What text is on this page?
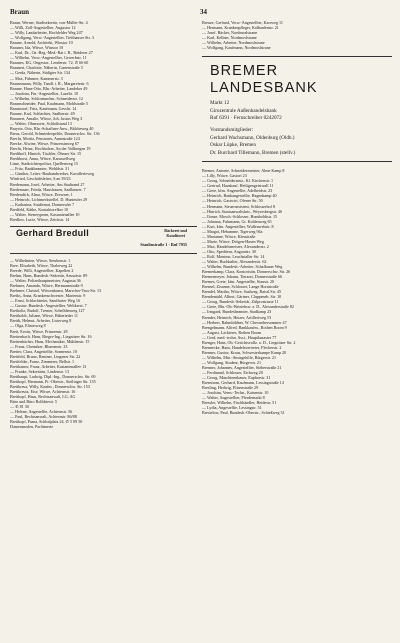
Braun	34
Braun, Werner, Stadtsekretär, von-Müller-Str. 4
— Willi, Zoll-Angestellter, Augustor 12
— Willy, Landarbeiter, Hochfelder Weg 247
— Wolfgang, Verw.-Angestellter, Tiefthauser Str. 3
Braune, Arnold, Architekt, Winstor 10
Brauner, Ida, Witwe, Winstor 10
— Karl, Dr., Oa.-Reg.-Med.-Rat i. R., Bräderer 27
— Wilhelm, Verw.-Angestellter, Gewerbstr. 11
Braunes, KG, Ongestar., Lenderstr. 72, ✆ 66 60
Braunert, Charlotte, Näherin, Gartenstraße 5
— Gerda, Näherin, Südigter Str. 134
— Max, Fährmer, Kammerstr. 3
Braunsmann, Willy, Tandl. i. R., Margaretestr. 6
Braune, Hans-Otto, Bln.-Arbeiter, Landeker 49
— Joachim, Fin.-Angestellter, Lazeltr. 10
— Wilhelm, Schlonmacher, Schneiderstr. 12
Braunschneider, Paul, Kaufmann, Mohlstraße 5
Braunstorf, Fritz, Kaufmann, Gessltr. 14
Braune, Karl, Schlachter, Saalberstr. 49
Braunert, Amalie, Witwe, Joh. Justus Weg 3
— Walter, Ohnesorer, Schloßstand 13
Brayrin, Otto, Bln.-Schaffner-Anw., Bälcheweg 40
Breas, Gerold, Schmiedeopelife, Donnerschw. Str. 136
Brecht, Moritz, Pensioner, Annastraße 124
Brecke, Alwine, Witwe, Prinzessinweg 67
Brecht, Heinz, Hochholzer, An der Voßbergen 19
Bredthoff, Hinrich, Tischler, Öhnser Str. 15
Bredthorst, Anna, Witwe, Karussellweg
Linse, Stadtrichterpolitor, Quellenweg 15
— Fritz, Bankbeamter, Wehldstr. 31
— Günther, Leiter.-Bauhandwerker, Kavallerieweg
Winfried, Geschäftsleiter, S.an 39/23
Bredemann, Josef, Arbeiter, Am Stadtrand 27
Bredenauer, Frieda, Hausfrauen, Saalbaurer. 7
Bredendick, Alma, Witwe, Drewner, 1
— Heinrich, Lichtmerkstellel. D. Hunteufer 29
— Katharina, Studienrat, Donnerufer 7
Bredfeld, Käthe, Kontaktorelker 10
— Walter, Stenerypenn, Kastanienallee 10
Bredlow, Lucie, Witwe, Zeichstr. 14
Gerhard Bredull	Bäckerei und
Konditorei
Staulinstraße 1 · Ruf 7935
— Wilhelmine, Witwe, Steubenstr. 1
Bree, Elisabeth, Witwe, Thalerweg 22
Breede, Willi, Angestellter, Kapellen 2
Brehm, Hans, Bundesb.-Sekretär, Aeusrästr. 89
— Walter, Polizeihauptmeister, Augusta 36
Brehmer, Amanda, Witwe, Hermannstraße 9
Brehmer, Christel, Witwenkunst, Marscher-Tsus-Str. 13
Breiks, Anna, Krankenschwester, Marienstr. 9
— Ernst, Schlachtreier, Sandfurter Weg 16
— Gustav, Bundesb.-Angestellter, Weltkerst. 7
Breiholtz, Rudolf, Trenter, Schelldenweg 127
Breitholdt, Juliane, Witwe, Bäberteder 11
Breidt, Helmut, Arbeiter, Listerweg 8
— Olga, Elisterweg 8
Breit, Erwin, Witwe, Prinzenstr. 28
Breitenbach, Hans, Bieger-Ing., Liegnitzer Str. 16
Breitenbächer, Hans, Mechaniker, Mühlenstr. 15
— Franz, Chemiker, Blumenstr. 23
Breiter, Clara, Angestellte, Sonnenstr. 10
Breitfeld, Bruno, Rentner, Lingener Str. 22
Breitfelder, Franz, Zimmerer, Bellstr. 1
Breithamer, Franz, Arbeiter, Kastanienallee 13
— Franke, Sekretärin, Lindenstr. 13
Breithaupt, Ludwig, Dipl.-Ing., Donnerschw. Str. 69
Breitkopf, Hermann, Pr.-Oberstr., Steilinger Str. 135
Breitkreuz, Willy, Kaufm., Donnerschw. Str. 153
Breitkreutz, Eise, Witwe, Achternstr. 16
Breitkopf, Haus, Rechtsanwalt, LG, AG
Büro und Büro Rolldriestr. 5
— ✆ 81 30
— Helene, Angestellte, Achternstr. 56
— Paul, Rechtsanwalt, Achternstr. 86/88
Breitkopf, Puma, Schlodplatz 24, ✆ 5 09 50
Damenmoden, Parfümerie
Breuze, Gerhard, Verw.-Angestellter, Karrweg 11
— Hermann, Krankenpfleger, Kalbanlenstr. 21
— Josef, Bäcker, Nordmoslstrane
— Karl, Kellner, Nordmoslstrane
— Wilhelm, Arbeiter, Nordmoslstrane
— Wolfgang, Kaufmann, Nordmoslstrane
BREMER
LANDESBANK
Markt 12
Girozentrale Außenhandelsbank
Ruf 6391 · Fernschreiber 0242072
Vorstandsmitglieder:
Gerhard Wachsmann, Oldenburg (Oldb.)
Oskar Lüpke, Bremen
Dr. Burchard Tillemann, Bremen (stellv.)
Bremer, Antonie, Schneidermeister, Alme Kamp 8
— Lilly, Witwe, Gastort 23
— Georg, Schneidermstr., Kl. Kirchenstr. 1
— Gertrud, Hauskauf, Heiligengeistwall 11
— Grete, kfm. Angestellte, Adelheidstr. 23
— Heinrich, Bankangestellte, Hagenkamp 40
— Heinrich, Gastwirt, Ofener Str. 50
— Hermann, Steuerassistent, Schlosserhof 8
— Hinrich, Staatsanwaltskrtr., Weyersbergstr. 46
— Ilonze, Mosch.-Schlosser, Humboldtstr. 15
— Johanna, Fuhrmann, Gr. Kuhlenweg 65
— Kurt, kfm. Angestellter, Wullenwebstr. 8
— Margot, Hebamme, Tigerweg 94a
— Marianne, Witwe, Kleustraße
— Marie, Witwe, Drögen-Hasen Weg
— Max, Handelsmeister, Alexanderstr. 2
— Otto, Spediteur, Angoaistr. 30
— Rolf, Monteur, Leuchstaller Str. 14
— Walter, Buchhalter, Alexanderstr. 62
— Wilhelm, Bundesb.-Arbeiter, Schafbaner Weg
Bremerkamp, Clara, Kontoristin, Donnerschw. Str. 26
Bremermeyer, Johann, Tierarzt, Donnerstraße 66
Bremes, Grete, kfm. Angestellte, Staustr. 20
Brensel, Zisanne, Schlosser, Lange Hornstraße
Brendel, Martha, Witwe, Saalweg, Ratsrl.Str. 45
Brendemühl, Albert, Gärtner, Clappeneb. Str. 10
— Georg, Bundesb.-Sekretär, Zülprostrasse 11
— Grete, Bln.-Ob.-Betriebsw. a. D., Alexanderstraße 82
— Irmgard, Bundesbeamter, Stadkamp 23
Brender, Heinrich, Heizer, Artilleriweg 53
— Herbert, Rahmbildner, W. Chestrobersommer 47
Brengelmann, Alfred, Bankkaufm., Rothen Boom 9
— August, Lackierer, Rothen Boom
— Gerd, med.-techn. Assi., Hauptkazaster 77
Brenger, Hans, Ob.-Gerichtsvollz. a. D., Liegnitzer Str. 2
Brennecke, Hans, Handelsvertreter, Fleckerstr. 2
Brenner, Gustav, Kraus, Schwesterkampe Kamp 20
— Wilhelm, Min.-Amtsgehilfe, Bürgerstr. 21
— Wolfgang, Student, Bürgerstr. 21
Brenner, Johannes, Angestellter, Stöberstraße 21
— Ferdinand, Schlosser, Eichweg 20
— Georg, Maschinenbauer, Euphorstr. 31
Brenstrom, Gerhard, Kaufmann, Lessingstraße 14
Bresling, Hedwig, Elisenstraße 29
— Joachim, Verm.-Techn., Kaisenstr. 10
— Walter, Angestellter, Pferdemarkt 8
Bressler, Wilhelm, Fischhändler, Heidestr. 51
— Lydia, Angestellte, Lessingstr. 51
Bresielow, Paul, Bundesb.-Oberstr., Schießweg 31
